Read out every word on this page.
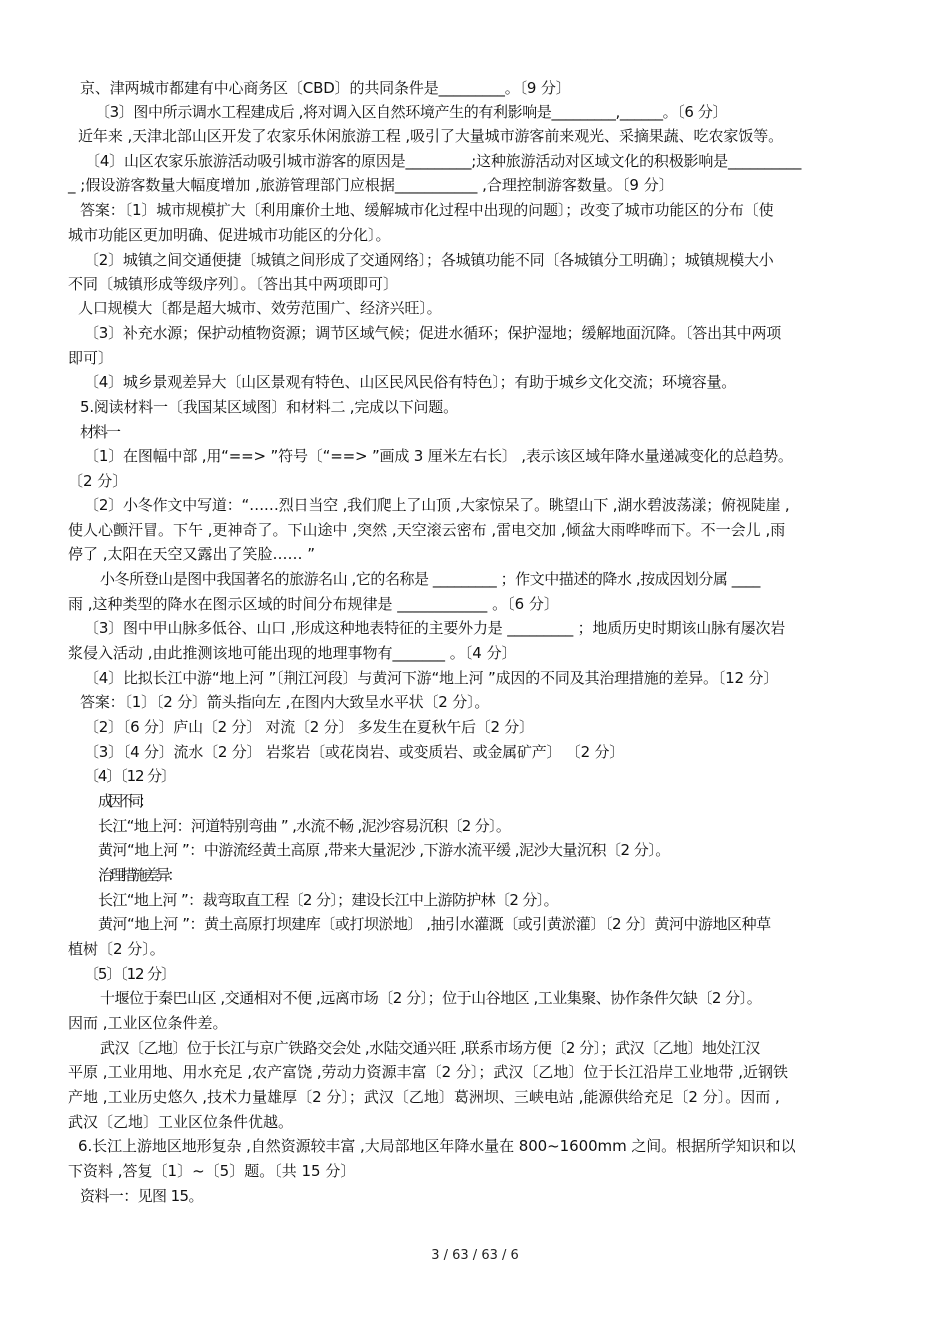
京、津两城市都建有中心商务区〔CBD〕的共同条件是_________。〔9 分〕
〔3〕图中所示调水工程建成后 ,将对调入区自然环境产生的有利影响是_________,______。〔6 分〕
近年来 ,天津北部山区开发了农家乐休闲旅游工程 ,吸引了大量城市游客前来观光、采摘果蔬、吃农家饭等。
〔4〕山区农家乐旅游活动吸引城市游客的原因是_________;这种旅游活动对区域文化的积极影响是__________
_ ;假设游客数量大幅度增加 ,旅游管理部门应根据___________ ,合理控制游客数量。〔9 分〕
答案：〔1〕城市规模扩大〔利用廉价土地、缓解城市化过程中出现的问题〕；改变了城市功能区的分布〔使
城市功能区更加明确、促进城市功能区的分化〕。
〔2〕城镇之间交通便捷〔城镇之间形成了交通网络〕；各城镇功能不同〔各城镇分工明确〕；城镇规模大小
不同〔城镇形成等级序列〕。〔答出其中两项即可〕
人口规模大〔都是超大城市、效劳范围广、经济兴旺〕。
〔3〕补充水源；保护动植物资源；调节区域气候；促进水循环；保护湿地；缓解地面沉降。〔答出其中两项
即可〕
〔4〕城乡景观差异大〔山区景观有特色、山区民风民俗有特色〕；有助于城乡文化交流；环境容量。
5.阅读材料一〔我国某区域图〕和材料二 ,完成以下问题。
材料一
〔1〕在图幅中部 ,用“==> ”符号〔“==> ”画成 3 厘米左右长〕 ,表示该区域年降水量递减变化的总趋势。
〔2 分〕
〔2〕小冬作文中写道：“……烈日当空 ,我们爬上了山顶 ,大家惊呆了。眺望山下 ,湖水碧波荡漾；俯视陡崖 ,
使人心颤汗冒。下午 ,更神奇了。下山途中 ,突然 ,天空滚云密布 ,雷电交加 ,倾盆大雨哗哗而下。不一会儿 ,雨
停了 ,太阳在天空又露出了笑脸…… ”
小冬所登山是图中我国著名的旅游名山 ,它的名称是 _________ ；作文中描述的降水 ,按成因划分属 ____
雨 ,这种类型的降水在图示区域的时间分布规律是 ____________ 。〔6 分〕
〔3〕图中甲山脉多低谷、山口 ,形成这种地表特征的主要外力是 _________ ；地质历史时期该山脉有屡次岩
浆侵入活动 ,由此推测该地可能出现的地理事物有_______ 。〔4 分〕
〔4〕比拟长江中游“地上河 ”〔荆江河段〕与黄河下游“地上河 ”成因的不同及其治理措施的差异。〔12 分〕
答案：〔1〕〔2 分〕箭头指向左 ,在图内大致呈水平状〔2 分〕。
〔2〕〔6 分〕庐山〔2 分〕 对流〔2 分〕 多发生在夏秋午后〔2 分〕
〔3〕〔4 分〕流水〔2 分〕 岩浆岩〔或花岗岩、或变质岩、或金属矿产〕 〔2 分〕
〔4〕〔12 分〕
成因不同：
长江“地上河：河道特别弯曲 ” ,水流不畅 ,泥沙容易沉积〔2 分〕。
黄河“地上河 ”：中游流经黄土高原 ,带来大量泥沙 ,下游水流平缓 ,泥沙大量沉积〔2 分〕。
治理措施差异：
长江“地上河 ”：裁弯取直工程〔2 分〕；建设长江中上游防护林〔2 分〕。
黄河“地上河 ”：黄土高原打坝建库〔或打坝淤地〕 ,抽引水灌溉〔或引黄淤灌〕〔2 分〕黄河中游地区种草
植树〔2 分〕。
〔5〕〔12 分〕
十堰位于秦巴山区 ,交通相对不便 ,远离市场〔2 分〕；位于山谷地区 ,工业集聚、协作条件欠缺〔2 分〕。
因而 ,工业区位条件差。
武汉〔乙地〕位于长江与京广铁路交会处 ,水陆交通兴旺 ,联系市场方便〔2 分〕；武汉〔乙地〕地处江汉
平原 ,工业用地、用水充足 ,农产富饶 ,劳动力资源丰富〔2 分〕；武汉〔乙地〕位于长江沿岸工业地带 ,近钢铁
产地 ,工业历史悠久 ,技术力量雄厚〔2 分〕；武汉〔乙地〕葛洲坝、三峡电站 ,能源供给充足〔2 分〕。因而 ,
武汉〔乙地〕工业区位条件优越。
6.长江上游地区地形复杂 ,自然资源较丰富 ,大局部地区年降水量在 800~1600mm 之间。根据所学知识和以
下资料 ,答复〔1〕~〔5〕题。〔共 15 分〕
资料一：见图 15。
3 / 63 / 63 / 6
